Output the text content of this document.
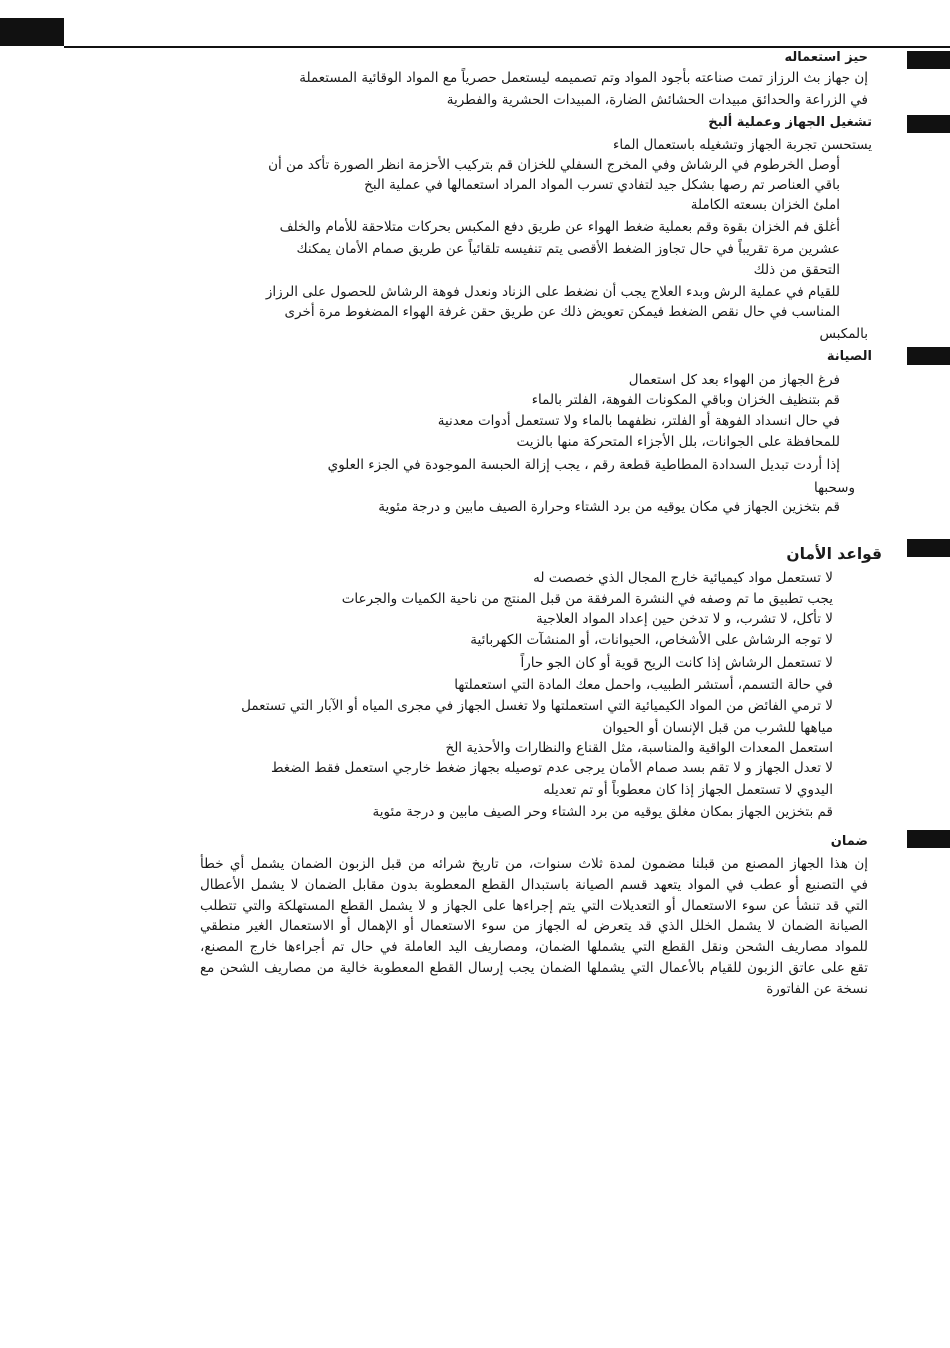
حيز استعماله
إن جهاز بث الرزاز تمت صناعته بأجود المواد وتم تصميمه ليستعمل حصرياً مع المواد الوقائية المستعملة
في الزراعة والحدائق مبيدات الحشائش الضارة، المبيدات الحشرية والفطرية
تشغيل الجهاز وعملية ألبخ
يستحسن تجربة الجهاز وتشغيله باستعمال الماء
أوصل الخرطوم في الرشاش وفي المخرج السفلي للخزان قم بتركيب الأحزمة انظر الصورة تأكد من أن
باقي العناصر تم رصها بشكل جيد لتفادي تسرب المواد المراد استعمالها في عملية البخ
املئ الخزان بسعته الكاملة
أغلق فم الخزان بقوة وقم بعملية ضغط الهواء عن طريق دفع المكبس بحركات متلاحقة للأمام والخلف
عشرين مرة تقريباً في حال تجاوز الضغط الأقصى يتم تنفيسه تلقائياً عن طريق صمام الأمان يمكنك
التحقق من ذلك
للقيام في عملية الرش وبدء العلاج يجب أن نضغط على الزناد ونعدل فوهة الرشاش للحصول على الرزاز
المناسب في حال نقص الضغط فيمكن تعويض ذلك عن طريق حقن غرفة الهواء المضغوط مرة أخرى
بالمكبس
الصيانة
فرغ الجهاز من الهواء بعد كل استعمال
قم بتنظيف الخزان وباقي المكونات الفوهة، الفلتر بالماء
في حال انسداد الفوهة أو الفلتر، نظفهما بالماء ولا تستعمل أدوات معدنية
للمحافظة على الجوانات، بلل الأجزاء المتحركة منها بالزيت
إذا أردت تبديل السدادة المطاطية قطعة رقم ، يجب إزالة الحبسة الموجودة في الجزء العلوي
وسحبها
قم بتخزين الجهاز في مكان يوقيه من برد الشتاء وحرارة الصيف مابين و درجة مئوية
قواعد الأمان
لا تستعمل مواد كيميائية خارج المجال الذي خصصت له
يجب تطبيق ما تم وصفه في النشرة المرفقة من قبل المنتج من ناحية الكميات والجرعات
لا تأكل، لا تشرب، و لا تدخن حين إعداد المواد العلاجية
لا توجه الرشاش على الأشخاص، الحيوانات، أو المنشآت الكهربائية
لا تستعمل الرشاش إذا كانت الريح قوية أو كان الجو حاراً
في حالة التسمم، أستشر الطبيب، واحمل معك المادة التي استعملتها
لا ترمي الفائض من المواد الكيميائية التي استعملتها ولا تغسل الجهاز في مجرى المياه أو الآبار التي تستعمل
مياهها للشرب من قبل الإنسان أو الحيوان
استعمل المعدات الواقية والمناسبة، مثل القناع والنظارات والأحذية الخ
لا تعدل الجهاز و لا تقم بسد صمام الأمان يرجى عدم توصيله بجهاز ضغط خارجي استعمل فقط الضغط
اليدوي لا تستعمل الجهاز إذا كان معطوباً أو تم تعديله
قم بتخزين الجهاز بمكان مغلق يوقيه من برد الشتاء وحر الصيف مابين و درجة مئوية
ضمان
إن هذا الجهاز المصنع من قبلنا مضمون لمدة ثلاث سنوات، من تاريخ شرائه من قبل الزبون الضمان يشمل أي خطأ
في التصنيع أو عطب في المواد يتعهد قسم الصيانة باستبدال القطع المعطوبة بدون مقابل الضمان لا يشمل الأعطال
التي قد تنشأ عن سوء الاستعمال أو التعديلات التي يتم إجراءها على الجهاز و لا يشمل القطع المستهلكة والتي تتطلب
الصيانة الضمان لا يشمل الخلل الذي قد يتعرض له الجهاز من سوء الاستعمال أو الإهمال أو الاستعمال الغير منطقي
للمواد مصاريف الشحن ونقل القطع التي يشملها الضمان، ومصاريف اليد العاملة في حال تم أجراءها خارج المصنع،
تقع على عاتق الزبون للقيام بالأعمال التي يشملها الضمان يجب إرسال القطع المعطوبة خالية من مصاريف الشحن مع
نسخة عن الفاتورة
